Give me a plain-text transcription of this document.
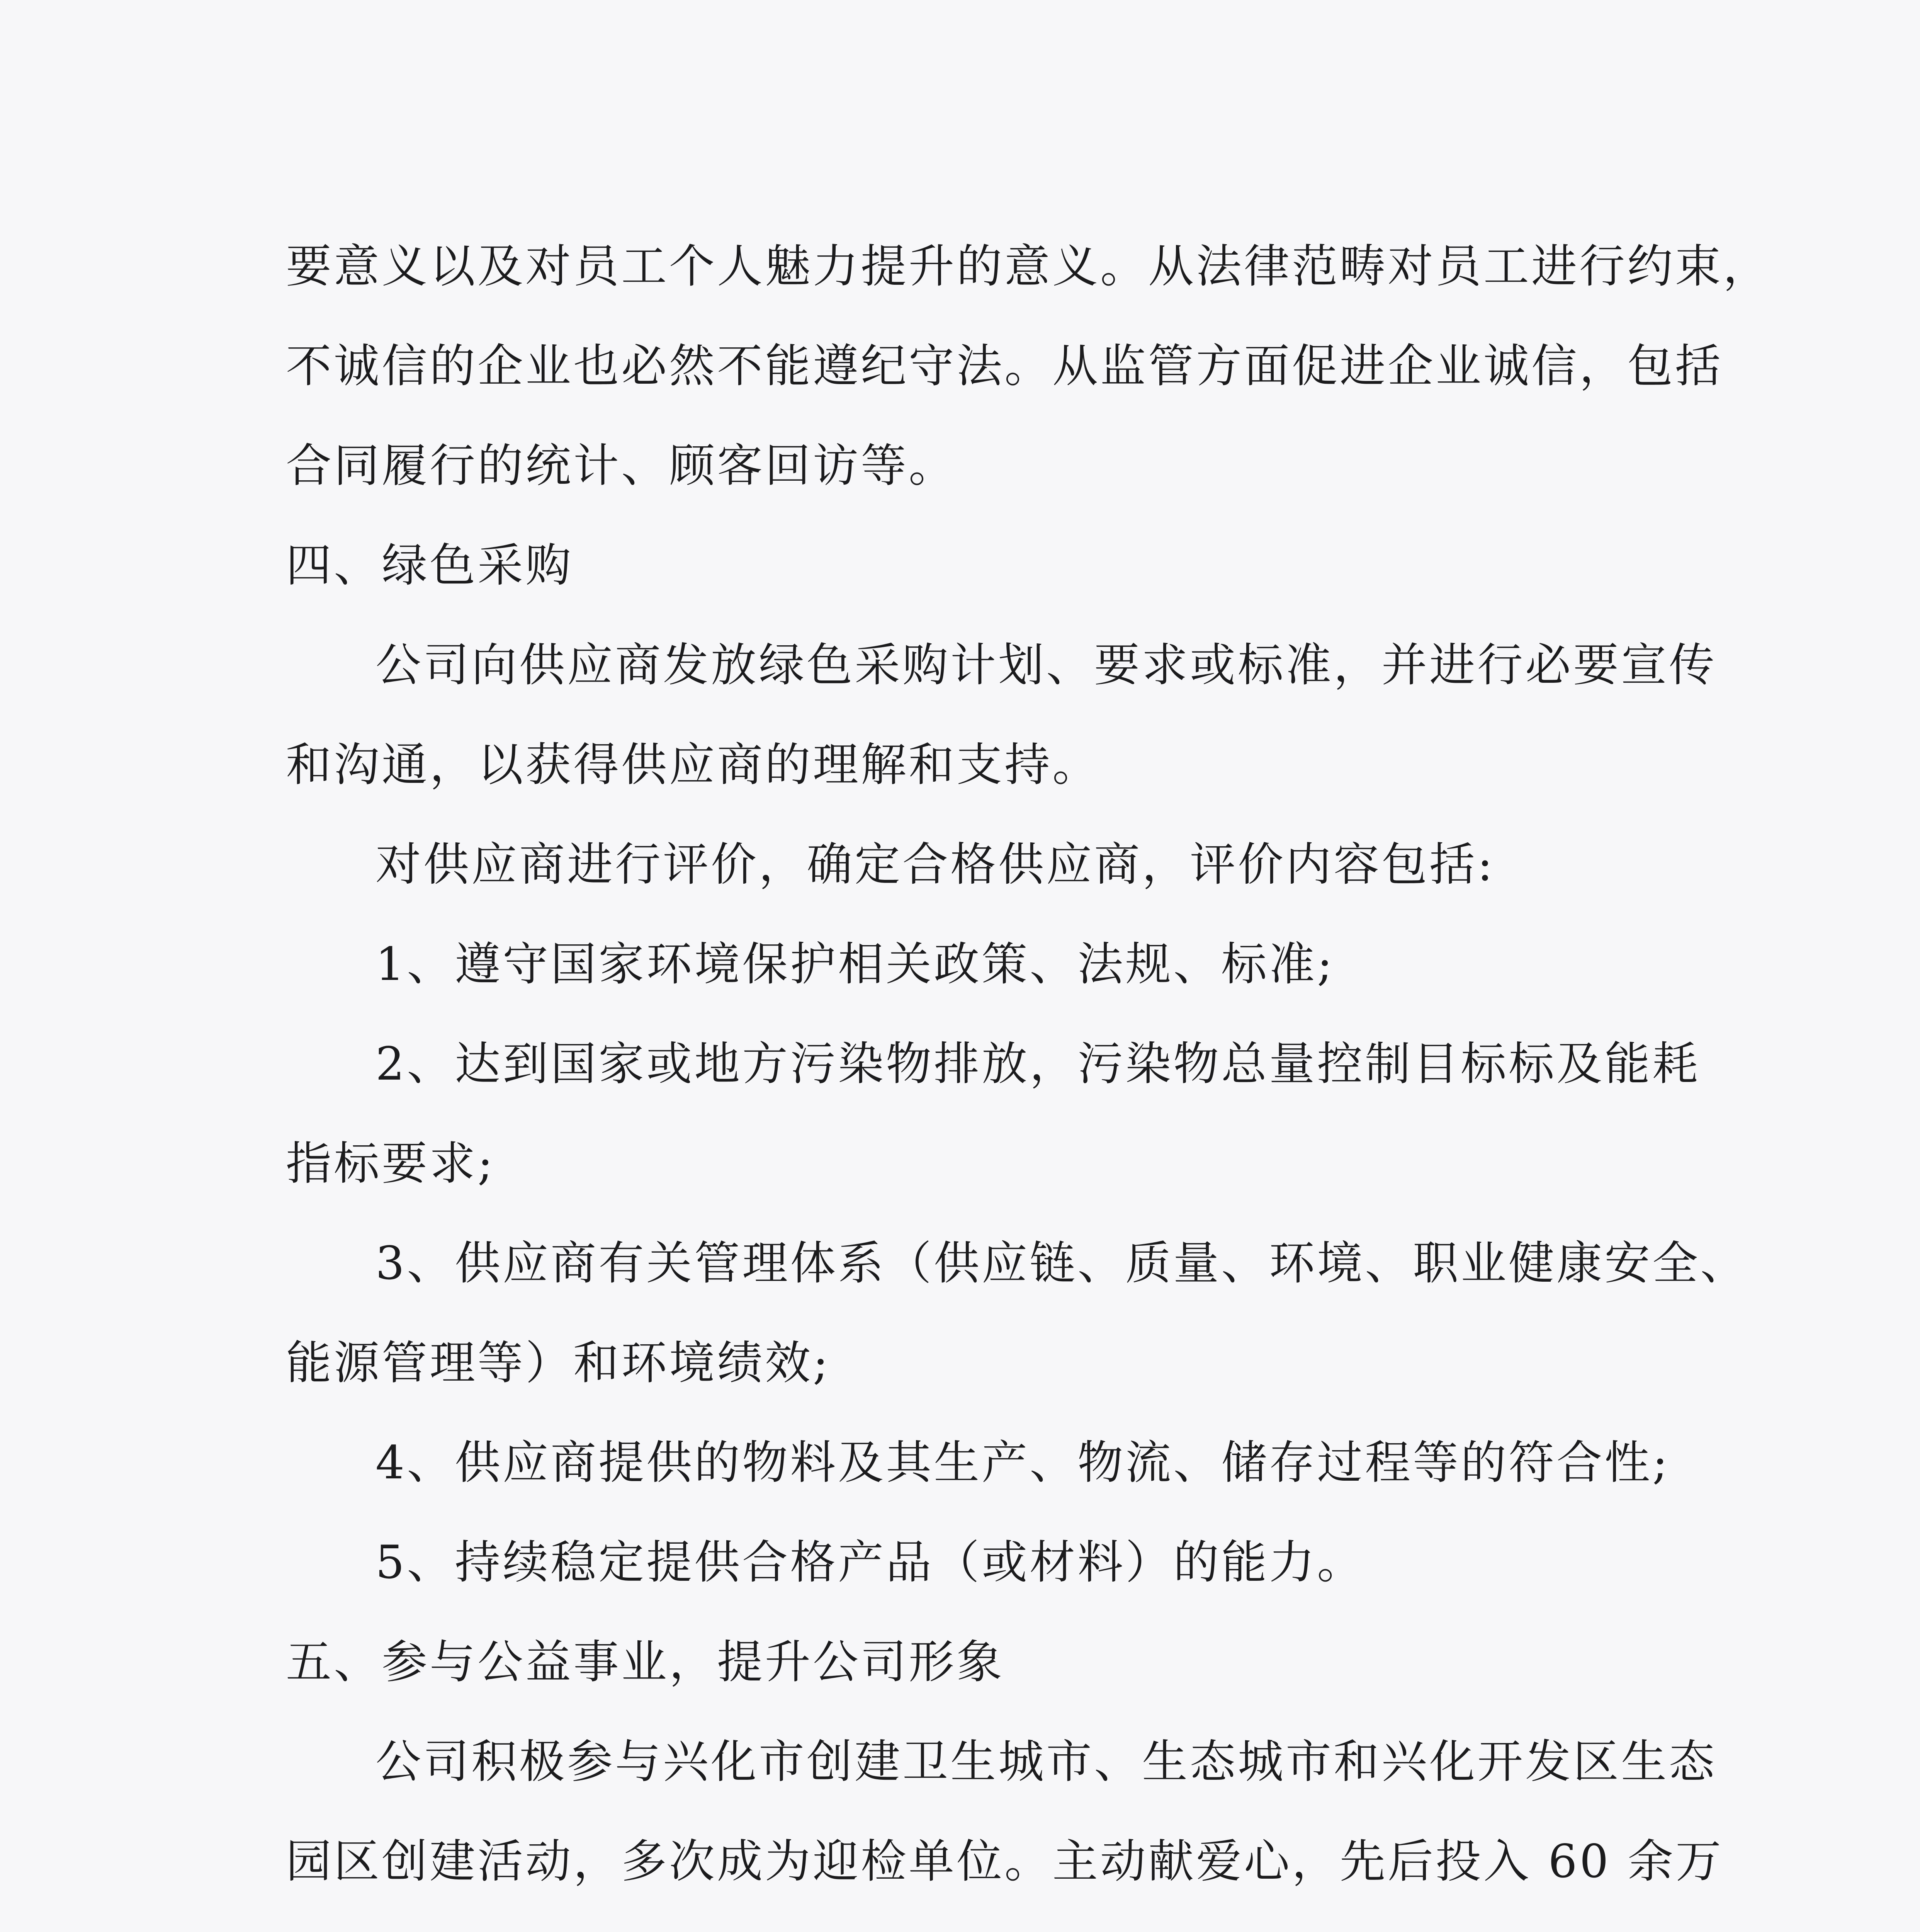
要意义以及对员工个人魅力提升的意义。从法律范畴对员工进行约束，
不诚信的企业也必然不能遵纪守法。从监管方面促进企业诚信，包括
合同履行的统计、顾客回访等。
四、绿色采购
公司向供应商发放绿色采购计划、要求或标准，并进行必要宣传
和沟通，以获得供应商的理解和支持。
对供应商进行评价，确定合格供应商，评价内容包括:
1、遵守国家环境保护相关政策、法规、标准;
2、达到国家或地方污染物排放，污染物总量控制目标标及能耗
指标要求;
3、供应商有关管理体系（供应链、质量、环境、职业健康安全、
能源管理等）和环境绩效;
4、供应商提供的物料及其生产、物流、储存过程等的符合性;
5、持续稳定提供合格产品（或材料）的能力。
五、参与公益事业，提升公司形象
公司积极参与兴化市创建卫生城市、生态城市和兴化开发区生态
园区创建活动，多次成为迎检单位。主动献爱心，先后投入 60 余万
